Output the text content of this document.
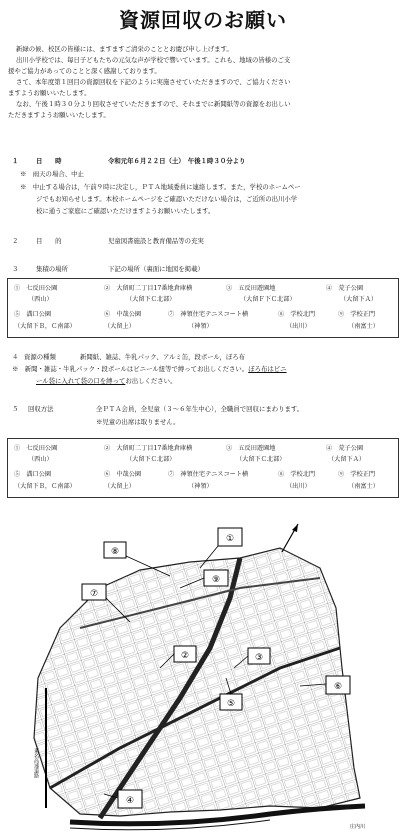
資源回収のお願い
新緑の候、校区の皆様には、ますますご清栄のこととお慶び申し上げます。
出川小学校では、毎日子どもたちの元気な声が学校で響いています。これも、地域の皆様のご支
援やご協力があってのことと深く感謝しております。
さて、本年度第１回目の資源回収を下記のように実施させていただきますので、ご協力ください
ますようお願いいたします。
なお、午後１時３０分より回収させていただきますので、それまでに新聞紙等の資源をお出しい
ただきますようお願いいたします。
１	日　　時	令和元年６月２２日（土）　午後１時３０分より
※　雨天の場合、中止
※　中止する場合は，午前９時に決定し，ＰＴＡ地域委員に連絡します。また，学校のホームペー
ジでもお知らせします。本校ホームページをご確認いただけない場合は，ご近所の出川小学
校に通うご家庭にご確認いただけますようお願いいたします。
２	目　　的	児童図書施設と教育備品等の充実
３	集積の場所	下記の場所（裏面に地図を掲載）
①　七反田公園
（西山）
②　大留町二丁目17番地倉庫横
（大留下Ｃ北部）
③　五反田遊園地
（大留Ｆ下Ｃ北部）
④　荒子公園
（大留下Ａ）
⑤　溝口公園
（大留下Ｂ，Ｃ南部）
⑥　中哉公園
（大留上）
⑦　神領住宅テニスコート横
（神領）
⑧　学校北門
（出川）
⑨　学校正門
（南富士）
４ 資源の種類	新聞紙、雑誌、牛乳パック、アルミ缶，段ボール，ぼろ布
※　新聞・雑誌・牛乳パック・段ボールはビニール紐等で縛ってお出しください。ぼろ布はビニ
ール袋に入れて袋の口を縛ってお出しください。
５ 回収方法	全ＰＴＡ会員，全児童（３～６年生中心），全職員で回収にまわります。
※児童の出席は取りません。
①　七反田公園
（西山）
②　大留町二丁目17番地倉庫横
（大留下Ｃ北部）
③　五反田遊園地
（大留下Ｃ北部）
④　荒子公園
（大留下Ａ）
⑤　溝口公園
（大留下Ｂ，Ｃ南部）
⑥　中哉公園
（大留上）
⑦　神領住宅テニスコート横
（神領）
⑧　学校北門
（出川）
⑨　学校正門
（南富士）
⑧
①
⑦
⑨
②	③
⑥
⑤
④
東名高速道路
庄内川
